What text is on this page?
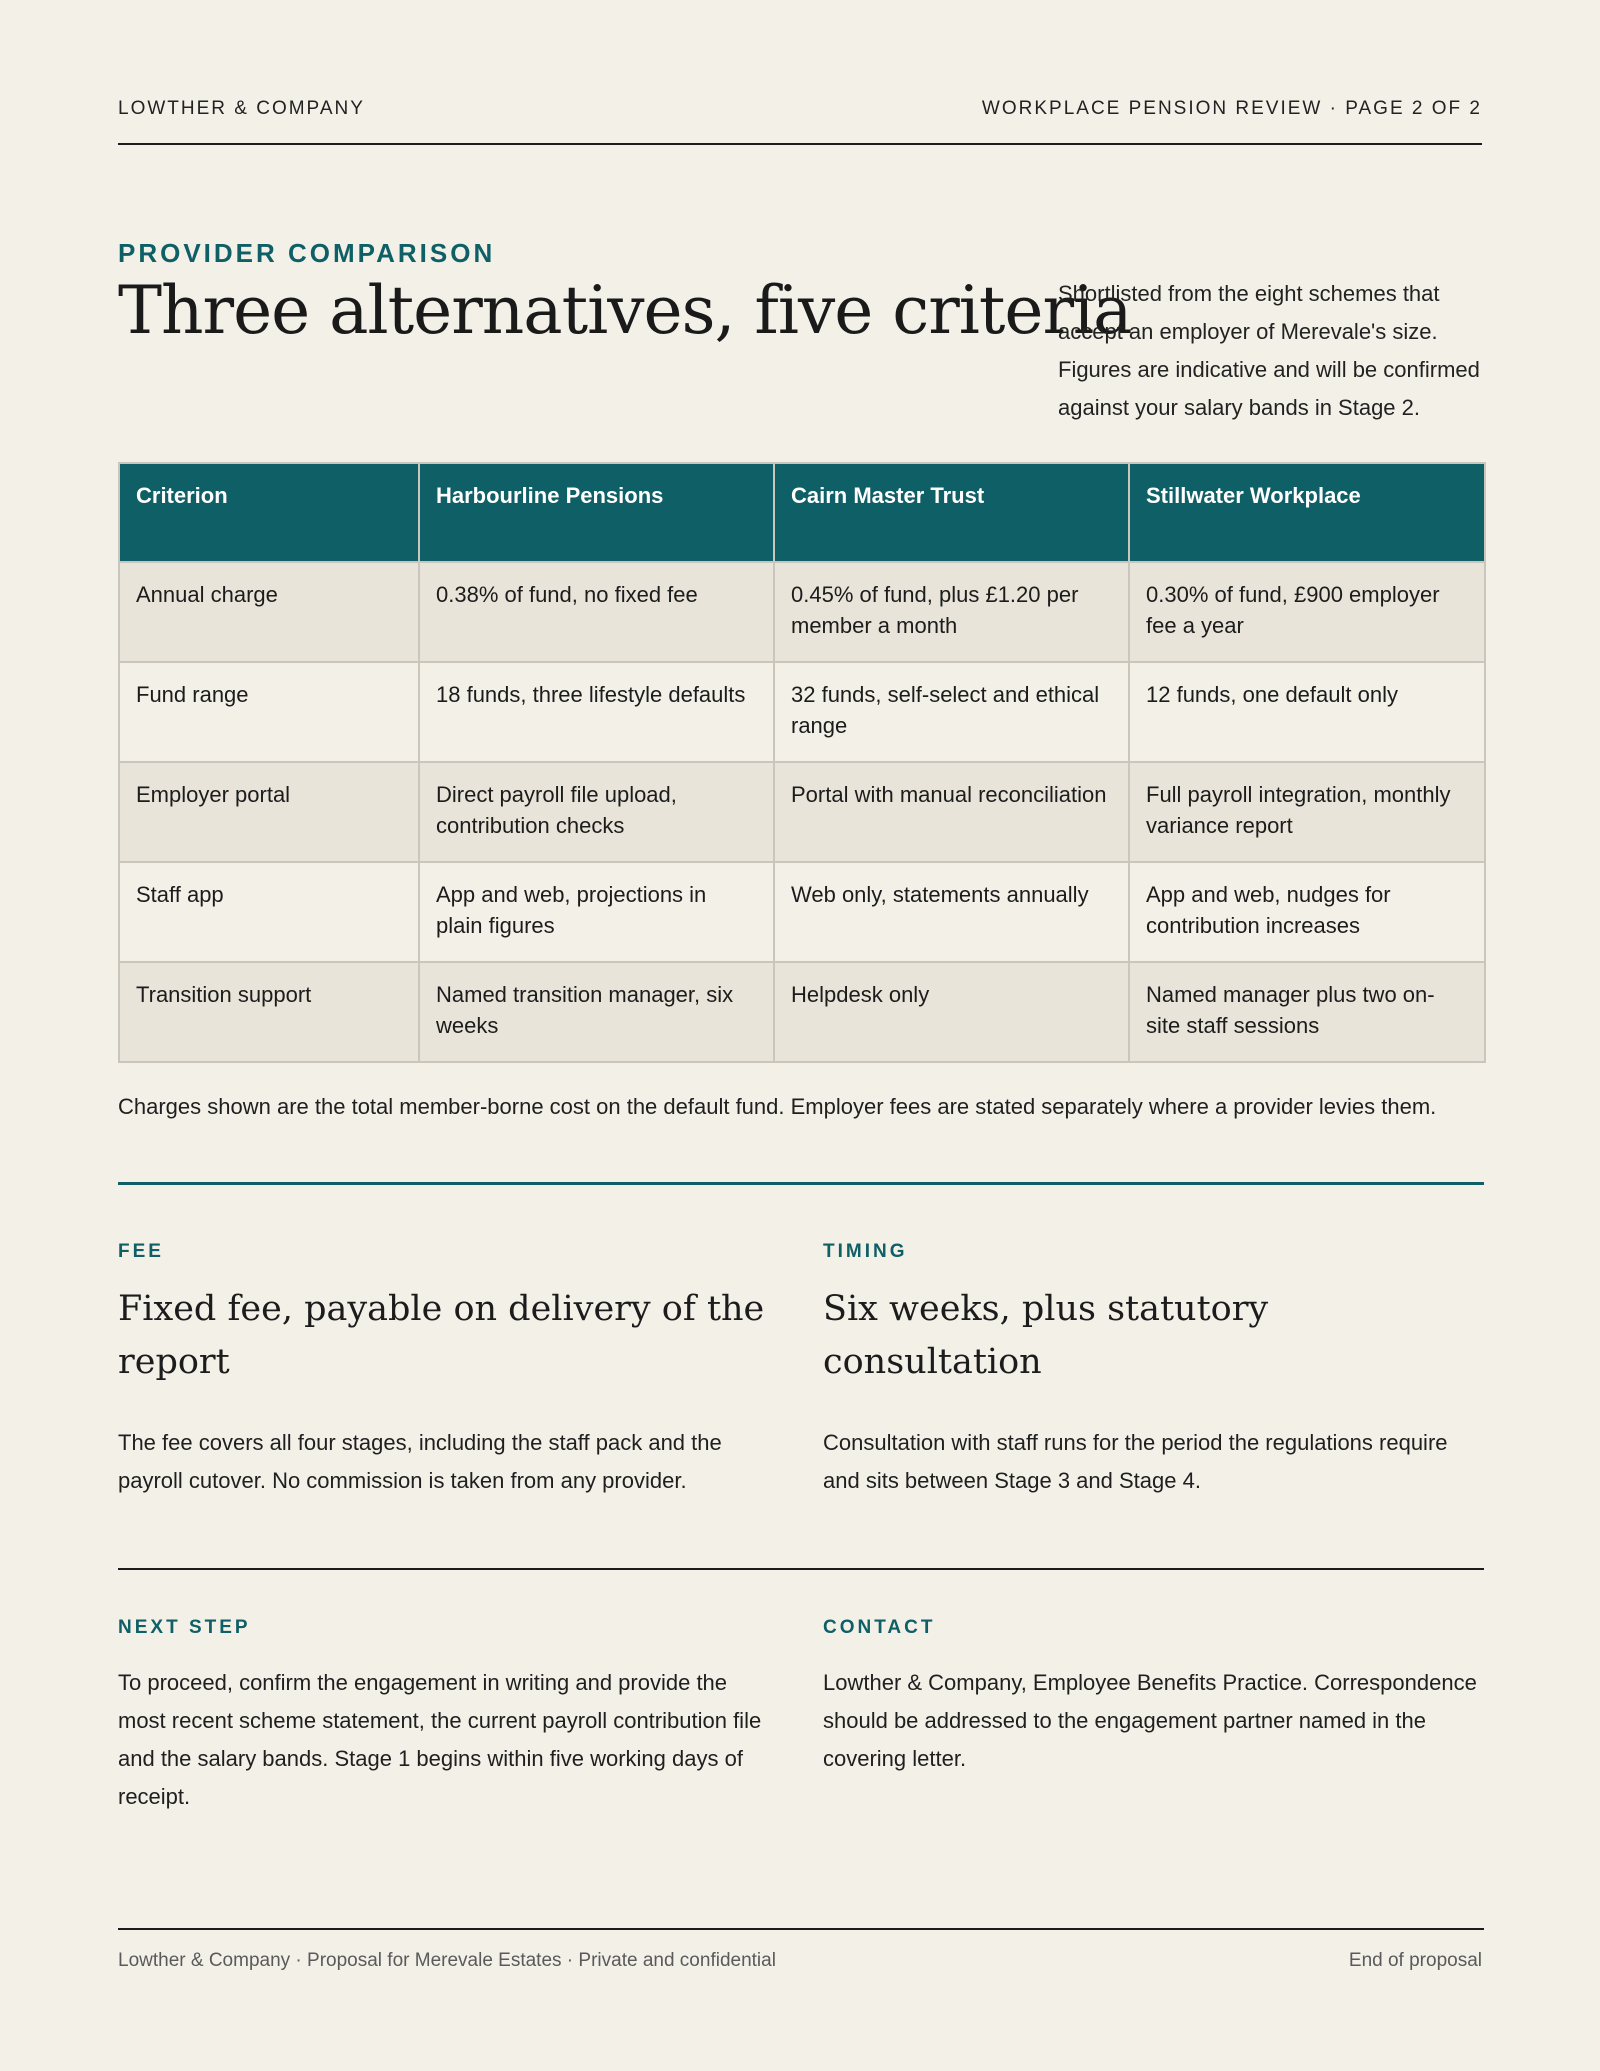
LOWTHER & COMPANY	WORKPLACE PENSION REVIEW · PAGE 2 OF 2
PROVIDER COMPARISON
Three alternatives, five criteria
Shortlisted from the eight schemes that accept an employer of Merevale's size. Figures are indicative and will be confirmed against your salary bands in Stage 2.
Criterion	Harbourline Pensions	Cairn Master Trust	Stillwater Workplace
Annual charge	0.38% of fund, no fixed fee	0.45% of fund, plus £1.20 per member a month	0.30% of fund, £900 employer fee a year
Fund range	18 funds, three lifestyle defaults	32 funds, self-select and ethical range	12 funds, one default only
Employer portal	Direct payroll file upload, contribution checks	Portal with manual reconciliation	Full payroll integration, monthly variance report
Staff app	App and web, projections in plain figures	Web only, statements annually	App and web, nudges for contribution increases
Transition support	Named transition manager, six weeks	Helpdesk only	Named manager plus two on-site staff sessions
Charges shown are the total member-borne cost on the default fund. Employer fees are stated separately where a provider levies them.
FEE
Fixed fee, payable on delivery of the report
The fee covers all four stages, including the staff pack and the payroll cutover. No commission is taken from any provider.
TIMING
Six weeks, plus statutory consultation
Consultation with staff runs for the period the regulations require and sits between Stage 3 and Stage 4.
NEXT STEP
To proceed, confirm the engagement in writing and provide the most recent scheme statement, the current payroll contribution file and the salary bands. Stage 1 begins within five working days of receipt.
CONTACT
Lowther & Company, Employee Benefits Practice. Correspondence should be addressed to the engagement partner named in the covering letter.
Lowther & Company · Proposal for Merevale Estates · Private and confidential	End of proposal
